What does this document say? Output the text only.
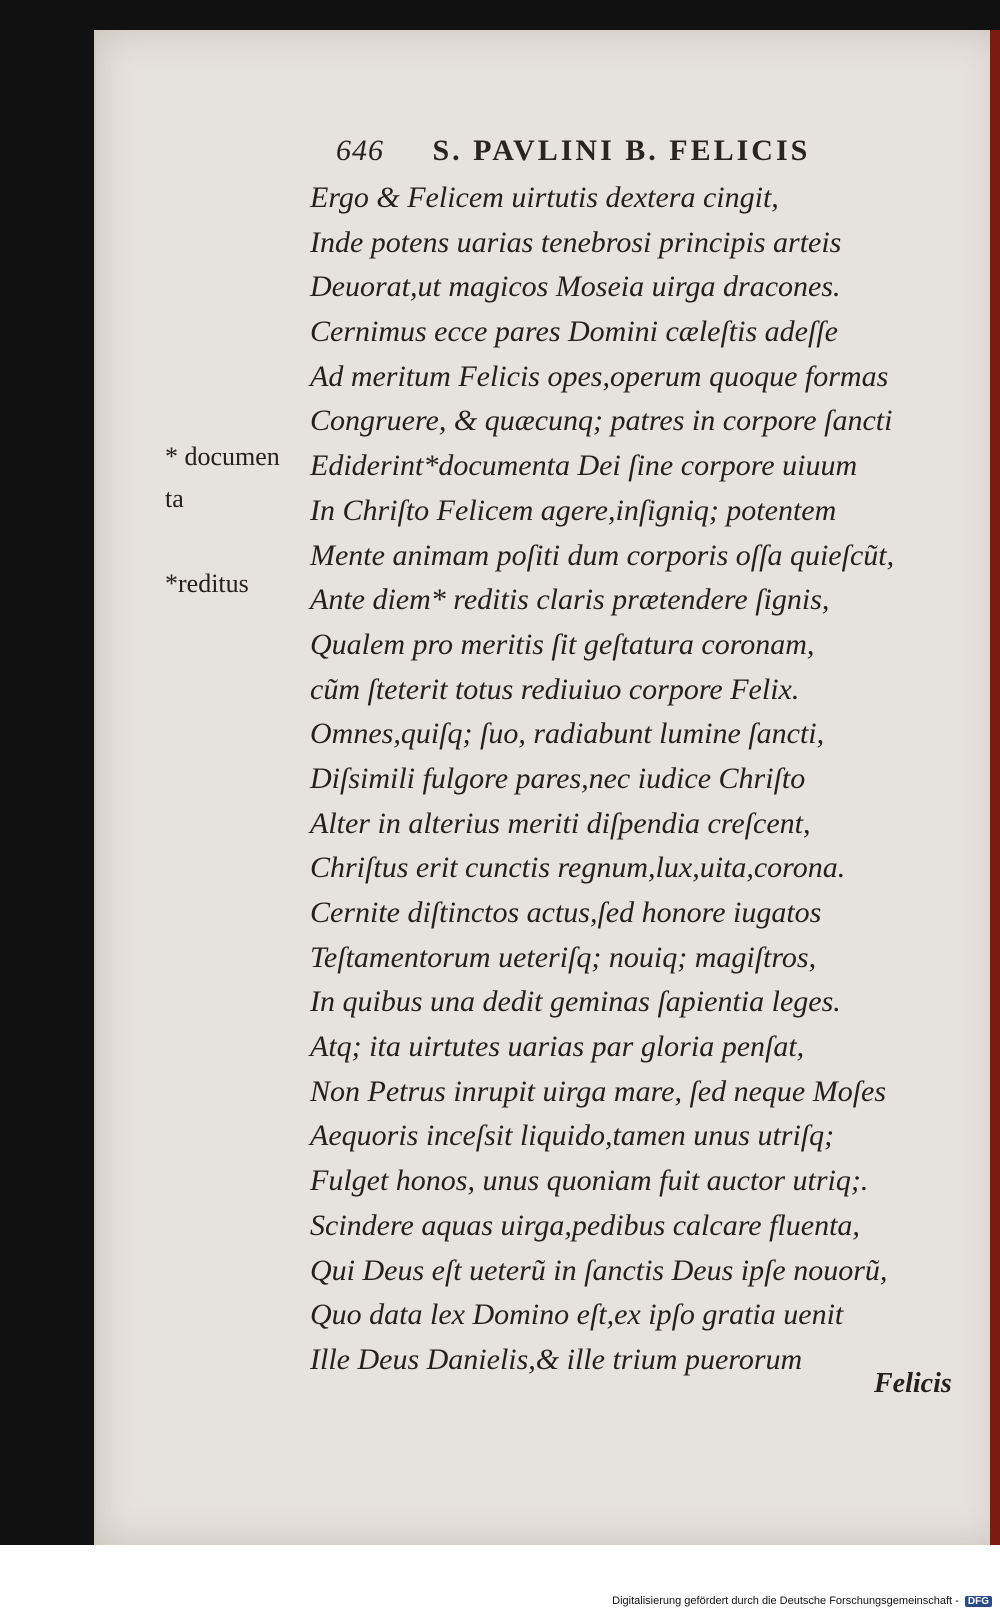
646 S. PAVLINI B. FELICIS
* documen
ta
*reditus
Ergo & Felicem uirtutis dextera cingit,
Inde potens uarias tenebrosi principis arteis
Deuorat,ut magicos Moseia uirga dracones.
Cernimus ecce pares Domini cæleſtis adeſſe
Ad meritum Felicis opes,operum quoque formas
Congruere, & quæcunq; patres in corpore ſancti
Ediderint*documenta Dei ſine corpore uiuum
In Chriſto Felicem agere,inſigniq; potentem
Mente animam poſiti dum corporis oſſa quieſcũt,
Ante diem* reditis claris prætendere ſignis,
Qualem pro meritis ſit geſtatura coronam,
cũm ſteterit totus rediuiuo corpore Felix.
Omnes,quiſq; ſuo, radiabunt lumine ſancti,
Diſsimili fulgore pares,nec iudice Chriſto
Alter in alterius meriti diſpendia creſcent,
Chriſtus erit cunctis regnum,lux,uita,corona.
Cernite diſtinctos actus,ſed honore iugatos
Teſtamentorum ueteriſq; nouiq; magiſtros,
In quibus una dedit geminas ſapientia leges.
Atq; ita uirtutes uarias par gloria penſat,
Non Petrus inrupit uirga mare, ſed neque Moſes
Aequoris inceſsit liquido,tamen unus utriſq;
Fulget honos, unus quoniam fuit auctor utriq;.
Scindere aquas uirga,pedibus calcare fluenta,
Qui Deus eſt ueterũ in ſanctis Deus ipſe nouorũ,
Quo data lex Domino eſt,ex ipſo gratia uenit
Ille Deus Danielis,& ille trium puerorum
Felicis
Digitalisierung gefördert durch die Deutsche Forschungsgemeinschaft - DFG
